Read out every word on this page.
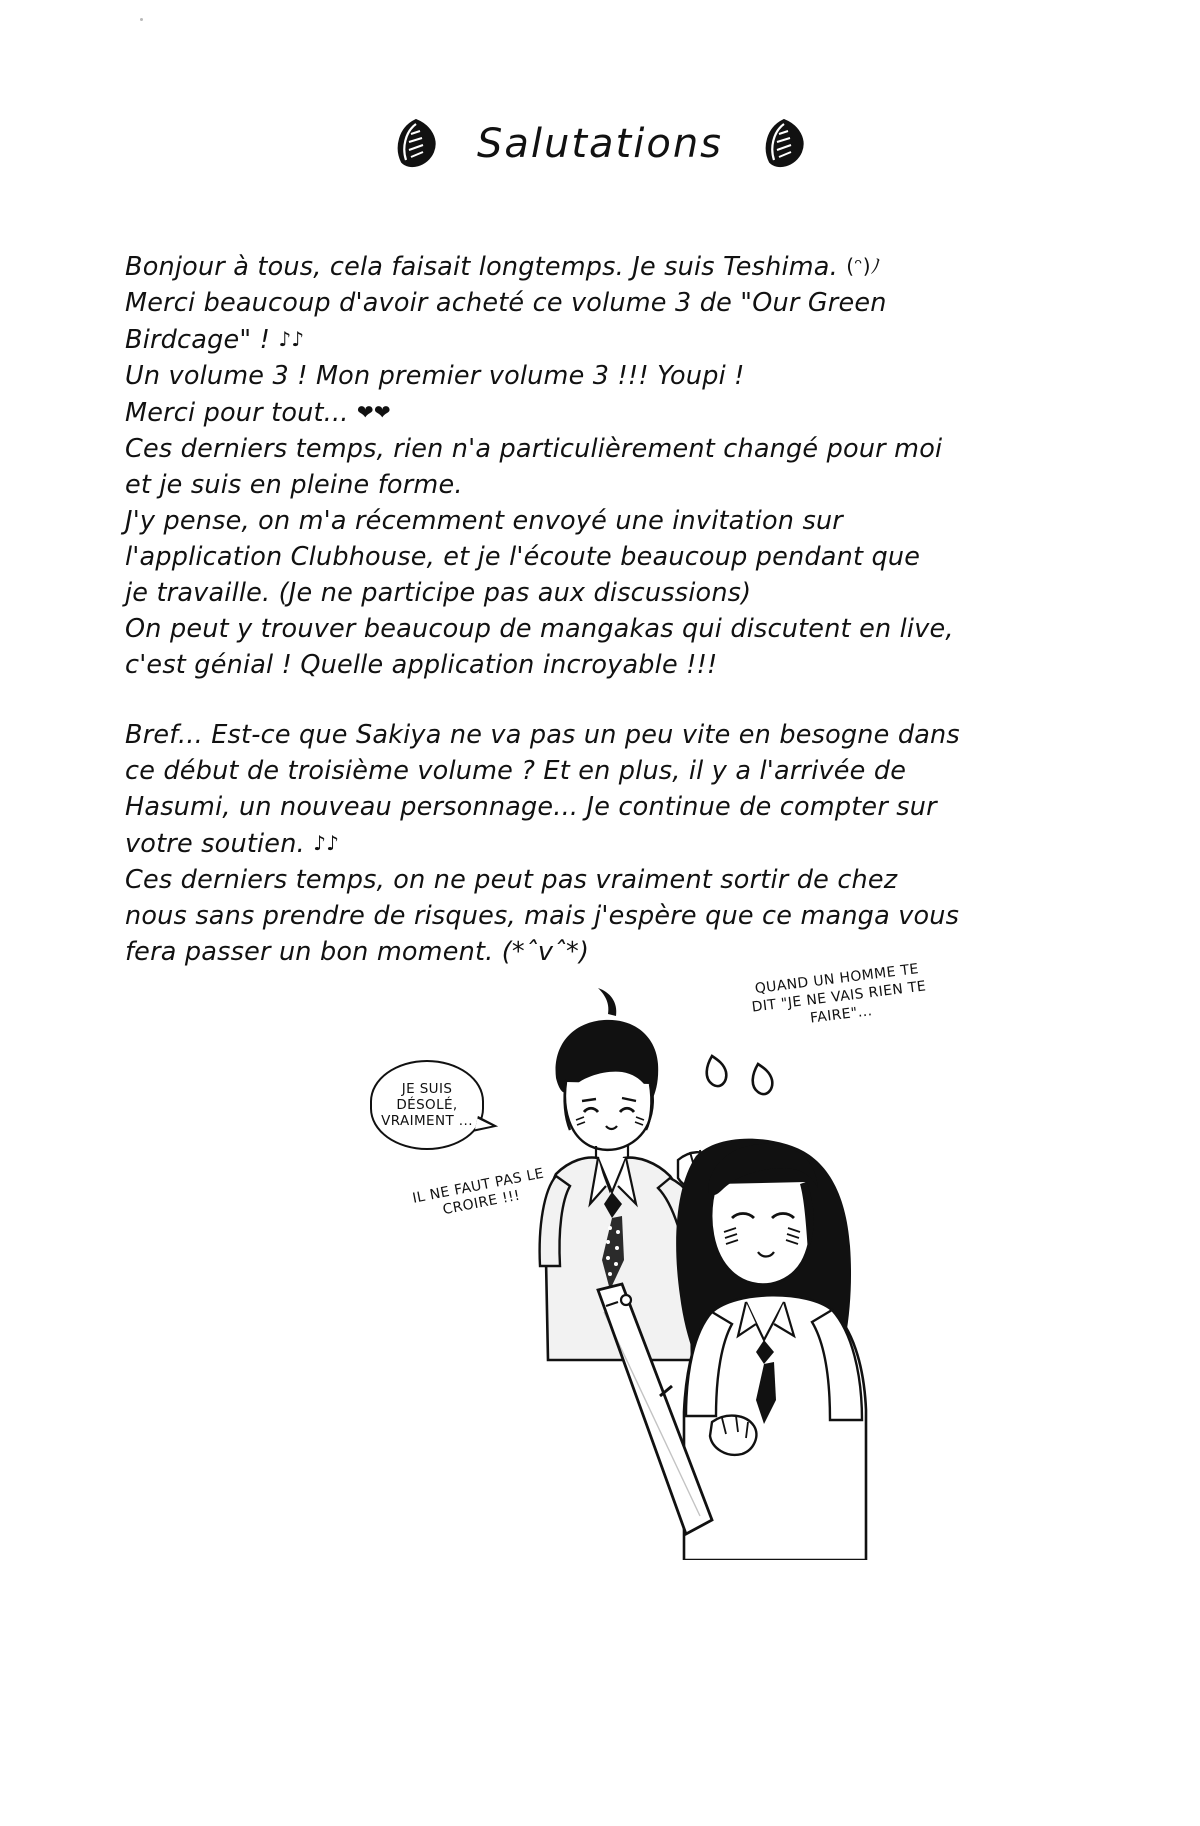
Salutations

Bonjour à tous, cela faisait longtemps. Je suis Teshima. (ᵔ)ﾉ

Merci beaucoup d'avoir acheté ce volume 3 de "Our Green

Birdcage" ! ♪♪

Un volume 3 ! Mon premier volume 3 !!! Youpi !

Merci pour tout... ❤❤

Ces derniers temps, rien n'a particulièrement changé pour moi

et je suis en pleine forme.

J'y pense, on m'a récemment envoyé une invitation sur

l'application Clubhouse, et je l'écoute beaucoup pendant que

je travaille. (Je ne participe pas aux discussions)

On peut y trouver beaucoup de mangakas qui discutent en live,

c'est génial ! Quelle application incroyable !!!

Bref... Est-ce que Sakiya ne va pas un peu vite en besogne dans

ce début de troisième volume ? Et en plus, il y a l'arrivée de

Hasumi, un nouveau personnage... Je continue de compter sur

votre soutien. ♪♪

Ces derniers temps, on ne peut pas vraiment sortir de chez

nous sans prendre de risques, mais j'espère que ce manga vous

fera passer un bon moment. (*ˆvˆ*)

JE SUIS DÉSOLÉ, VRAIMENT ...
IL NE FAUT PAS LE CROIRE !!!
QUAND UN HOMME TE DIT "JE NE VAIS RIEN TE FAIRE"...
